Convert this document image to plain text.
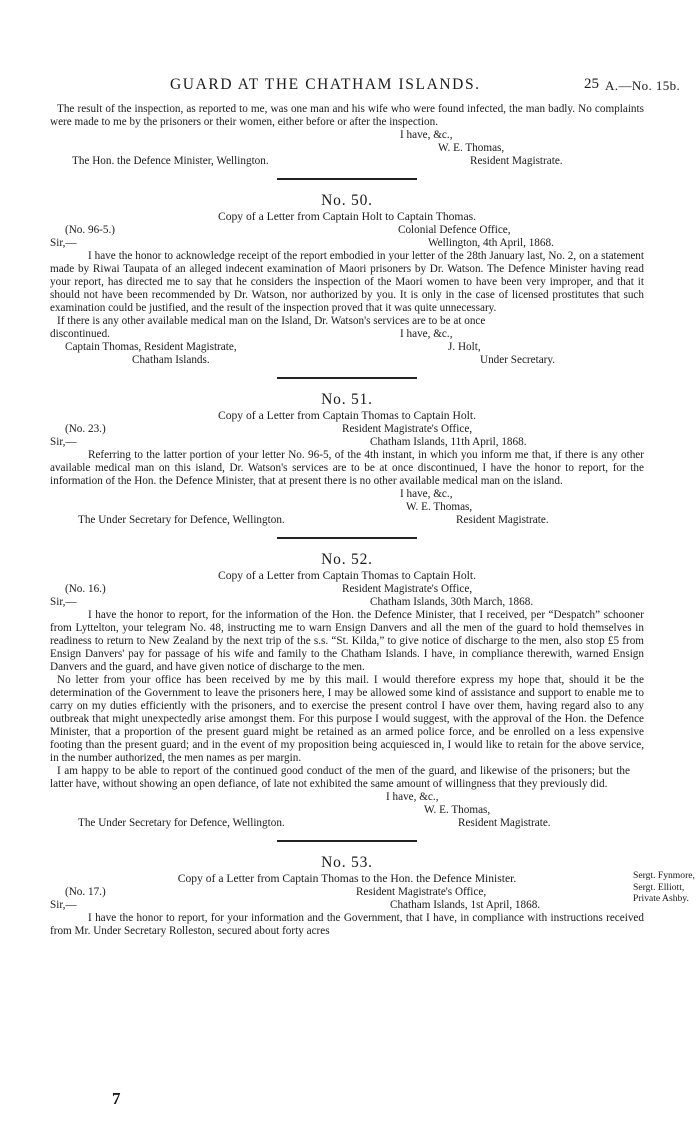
GUARD AT THE CHATHAM ISLANDS.	25 A.—No. 15b.

The result of the inspection, as reported to me, was one man and his wife who were found infected, the man badly. No complaints were made to me by the prisoners or their women, either before or after the inspection.

I have, &c.,
W. E. Thomas,
The Hon. the Defence Minister, Wellington.	Resident Magistrate.
No. 50.
Copy of a Letter from Captain Holt to Captain Thomas.
(No. 96-5.)	Colonial Defence Office,
Sir,—	Wellington, 4th April, 1868.

I have the honor to acknowledge receipt of the report embodied in your letter of the 28th January last, No. 2, on a statement made by Riwai Taupata of an alleged indecent examination of Maori prisoners by Dr. Watson. The Defence Minister having read your report, has directed me to say that he considers the inspection of the Maori women to have been very improper, and that it should not have been recommended by Dr. Watson, nor authorized by you. It is only in the case of licensed prostitutes that such examination could be justified, and the result of the inspection proved that it was quite unnecessary.

If there is any other available medical man on the Island, Dr. Watson's services are to be at once
discontinued.	I have, &c.,
Captain Thomas, Resident Magistrate,	J. Holt,
Chatham Islands.	Under Secretary.
No. 51.
Copy of a Letter from Captain Thomas to Captain Holt.
(No. 23.)	Resident Magistrate's Office,
Sir,—	Chatham Islands, 11th April, 1868.

Referring to the latter portion of your letter No. 96-5, of the 4th instant, in which you inform me that, if there is any other available medical man on this island, Dr. Watson's services are to be at once discontinued, I have the honor to report, for the information of the Hon. the Defence Minister, that at present there is no other available medical man on the island.

I have, &c.,
W. E. Thomas,
The Under Secretary for Defence, Wellington.	Resident Magistrate.
No. 52.
Copy of a Letter from Captain Thomas to Captain Holt.
(No. 16.)	Resident Magistrate's Office,
Sir,—	Chatham Islands, 30th March, 1868.

I have the honor to report, for the information of the Hon. the Defence Minister, that I received, per “Despatch” schooner from Lyttelton, your telegram No. 48, instructing me to warn Ensign Danvers and all the men of the guard to hold themselves in readiness to return to New Zealand by the next trip of the s.s. “St. Kilda,” to give notice of discharge to the men, also stop £5 from Ensign Danvers' pay for passage of his wife and family to the Chatham Islands. I have, in compliance therewith, warned Ensign Danvers and the guard, and have given notice of discharge to the men.

No letter from your office has been received by me by this mail. I would therefore express my hope that, should it be the determination of the Government to leave the prisoners here, I may be allowed some kind of assistance and support to enable me to carry on my duties efficiently with the prisoners, and to exercise the present control I have over them, having regard also to any outbreak that might unexpectedly arise amongst them. For this purpose I would suggest, with the approval of the Hon. the Defence Minister, that a proportion of the present guard might be retained as an armed police force, and be enrolled on a less expensive footing than the present guard; and in the event of my proposition being acquiesced in, I would like to retain for the above service, in the number authorized, the men names as per margin.

I am happy to be able to report of the continued good conduct of the men of the guard, and likewise of the prisoners; but the latter have, without showing an open defiance, of late not exhibited the same amount of willingness that they previously did.

I have, &c.,
W. E. Thomas,
The Under Secretary for Defence, Wellington.	Resident Magistrate.
No. 53.
Copy of a Letter from Captain Thomas to the Hon. the Defence Minister.
(No. 17.)	Resident Magistrate's Office,
Sir,—	Chatham Islands, 1st April, 1868.

I have the honor to report, for your information and the Government, that I have, in compliance with instructions received from Mr. Under Secretary Rolleston, secured about forty acres

Sergt. Fynmore,
Sergt. Elliott,
Private Ashby.
7
